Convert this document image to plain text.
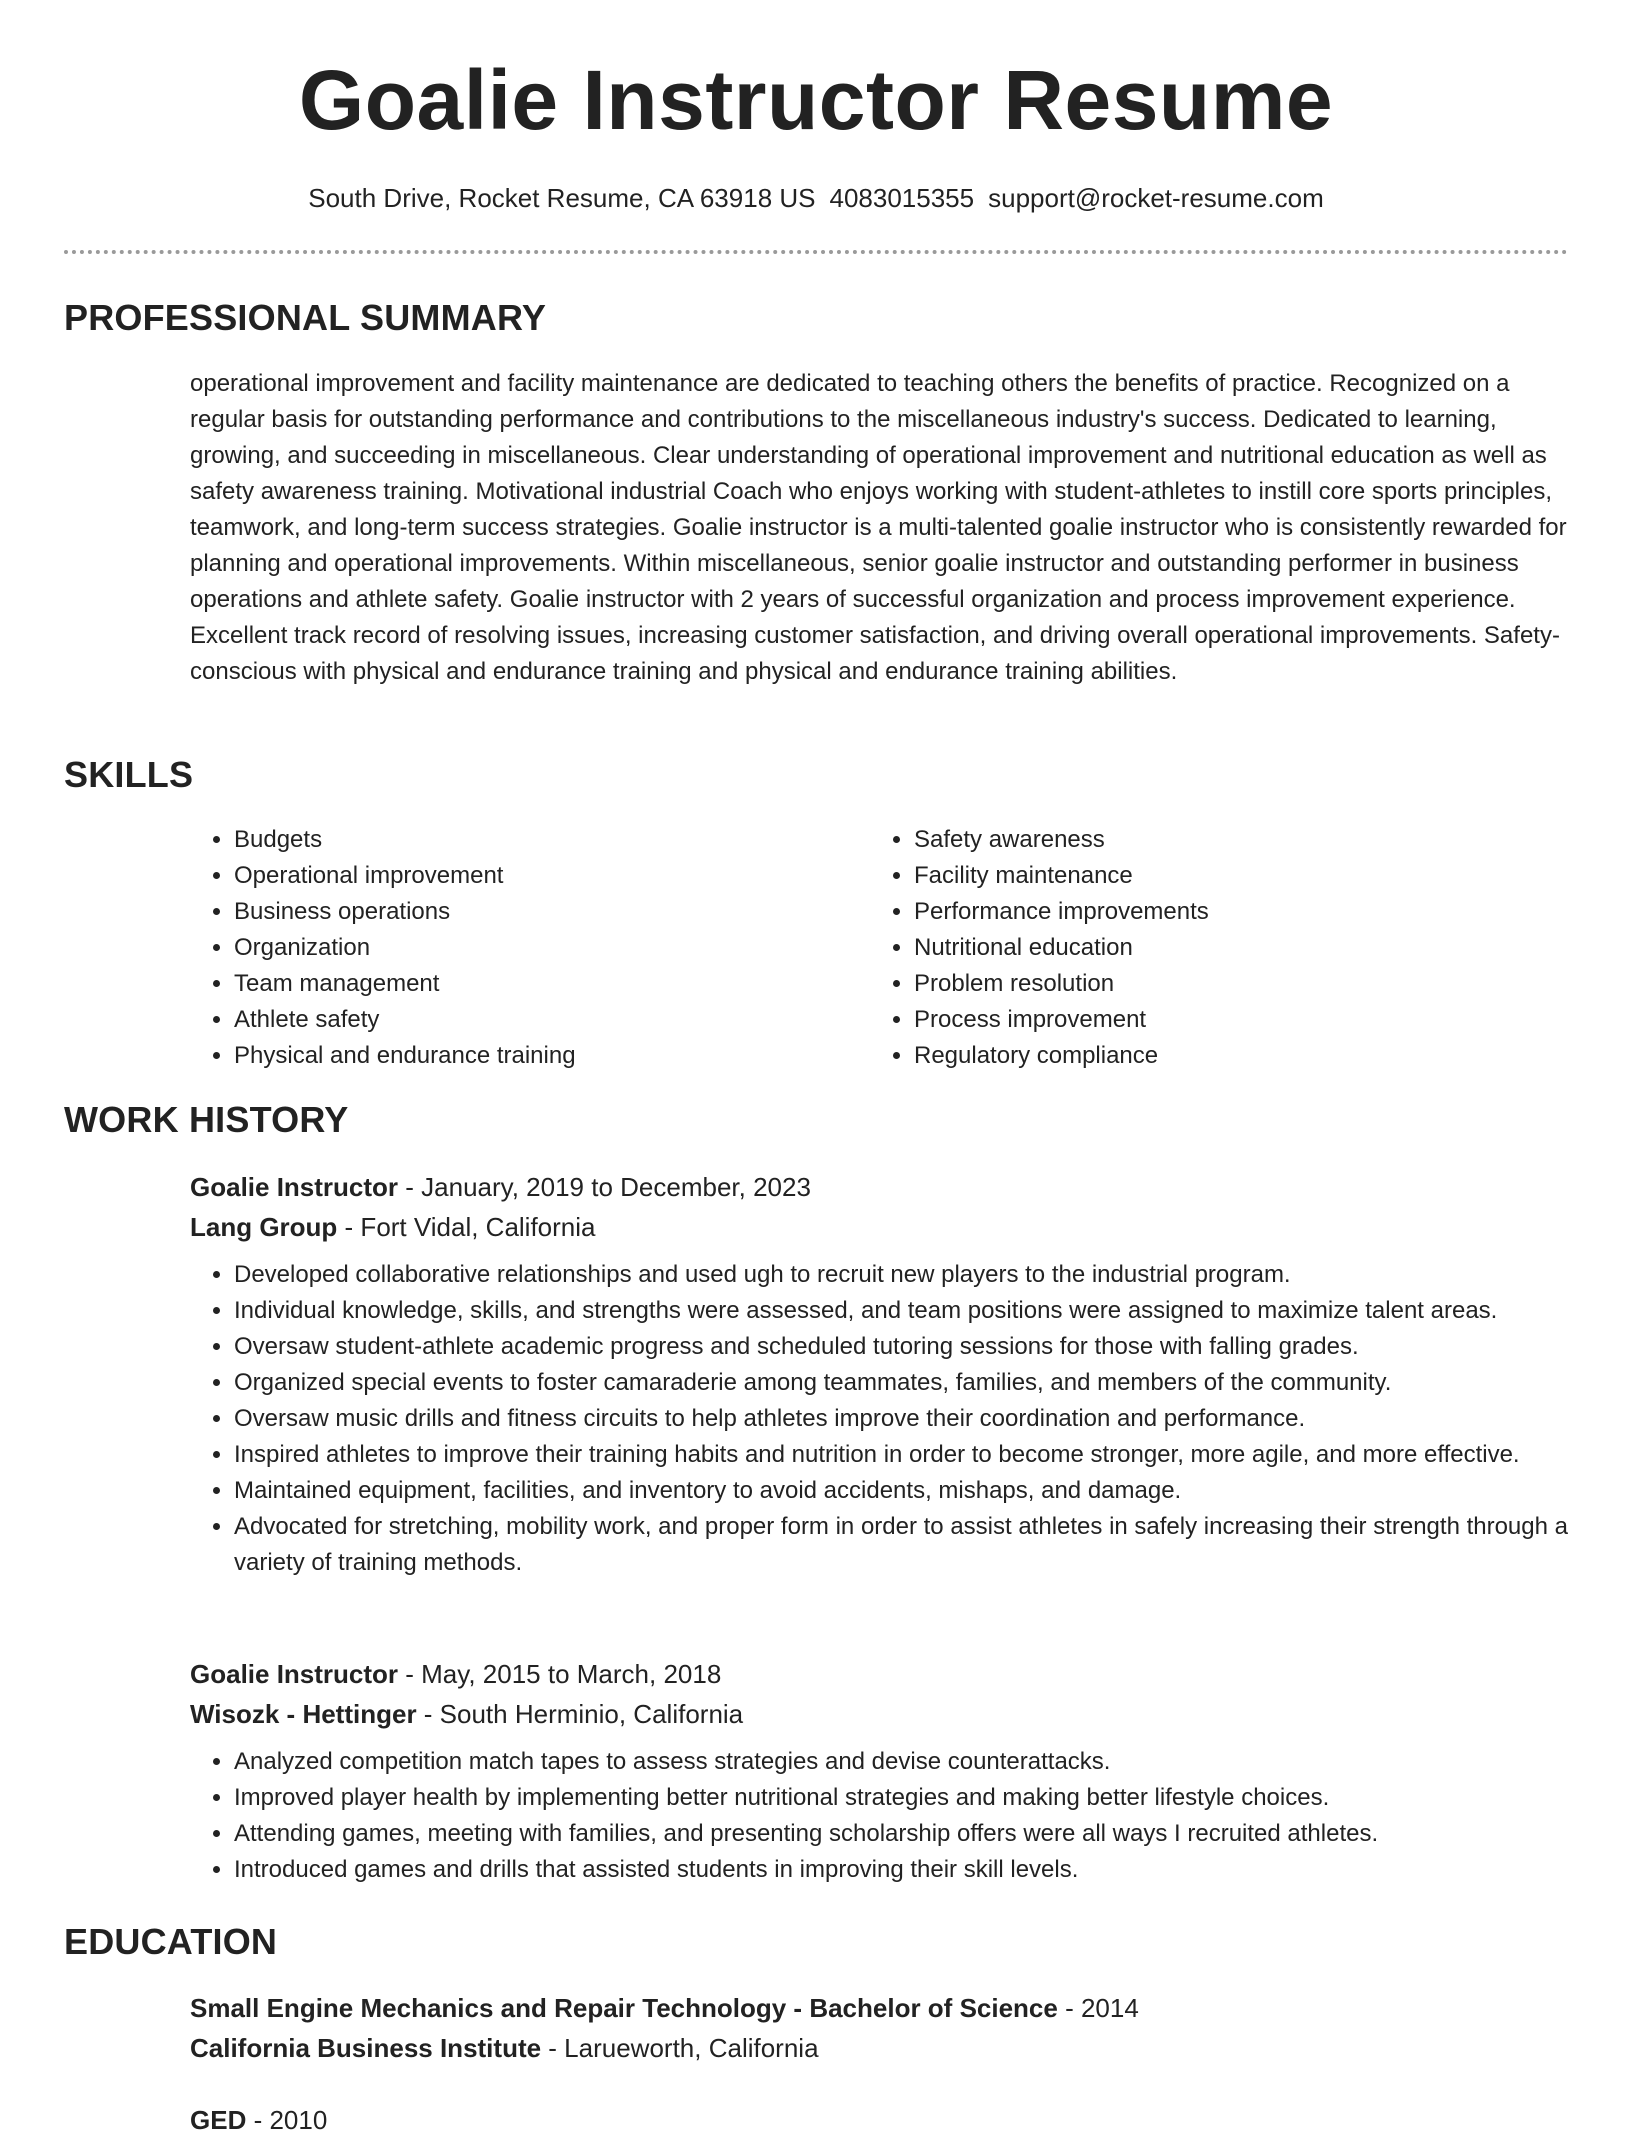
Goalie Instructor Resume
South Drive, Rocket Resume, CA 63918 US 4083015355 support@rocket-resume.com
PROFESSIONAL SUMMARY
operational improvement and facility maintenance are dedicated to teaching others the benefits of practice. Recognized on a regular basis for outstanding performance and contributions to the miscellaneous industry's success. Dedicated to learning, growing, and succeeding in miscellaneous. Clear understanding of operational improvement and nutritional education as well as safety awareness training. Motivational industrial Coach who enjoys working with student-athletes to instill core sports principles, teamwork, and long-term success strategies. Goalie instructor is a multi-talented goalie instructor who is consistently rewarded for planning and operational improvements. Within miscellaneous, senior goalie instructor and outstanding performer in business operations and athlete safety. Goalie instructor with 2 years of successful organization and process improvement experience. Excellent track record of resolving issues, increasing customer satisfaction, and driving overall operational improvements. Safety-conscious with physical and endurance training and physical and endurance training abilities.
SKILLS
• Budgets
• Operational improvement
• Business operations
• Organization
• Team management
• Athlete safety
• Physical and endurance training
• Safety awareness
• Facility maintenance
• Performance improvements
• Nutritional education
• Problem resolution
• Process improvement
• Regulatory compliance
WORK HISTORY
Goalie Instructor - January, 2019 to December, 2023
Lang Group - Fort Vidal, California
• Developed collaborative relationships and used ugh to recruit new players to the industrial program.
• Individual knowledge, skills, and strengths were assessed, and team positions were assigned to maximize talent areas.
• Oversaw student-athlete academic progress and scheduled tutoring sessions for those with falling grades.
• Organized special events to foster camaraderie among teammates, families, and members of the community.
• Oversaw music drills and fitness circuits to help athletes improve their coordination and performance.
• Inspired athletes to improve their training habits and nutrition in order to become stronger, more agile, and more effective.
• Maintained equipment, facilities, and inventory to avoid accidents, mishaps, and damage.
• Advocated for stretching, mobility work, and proper form in order to assist athletes in safely increasing their strength through a variety of training methods.
Goalie Instructor - May, 2015 to March, 2018
Wisozk - Hettinger - South Herminio, California
• Analyzed competition match tapes to assess strategies and devise counterattacks.
• Improved player health by implementing better nutritional strategies and making better lifestyle choices.
• Attending games, meeting with families, and presenting scholarship offers were all ways I recruited athletes.
• Introduced games and drills that assisted students in improving their skill levels.
EDUCATION
Small Engine Mechanics and Repair Technology - Bachelor of Science - 2014
California Business Institute - Larueworth, California
GED - 2010
